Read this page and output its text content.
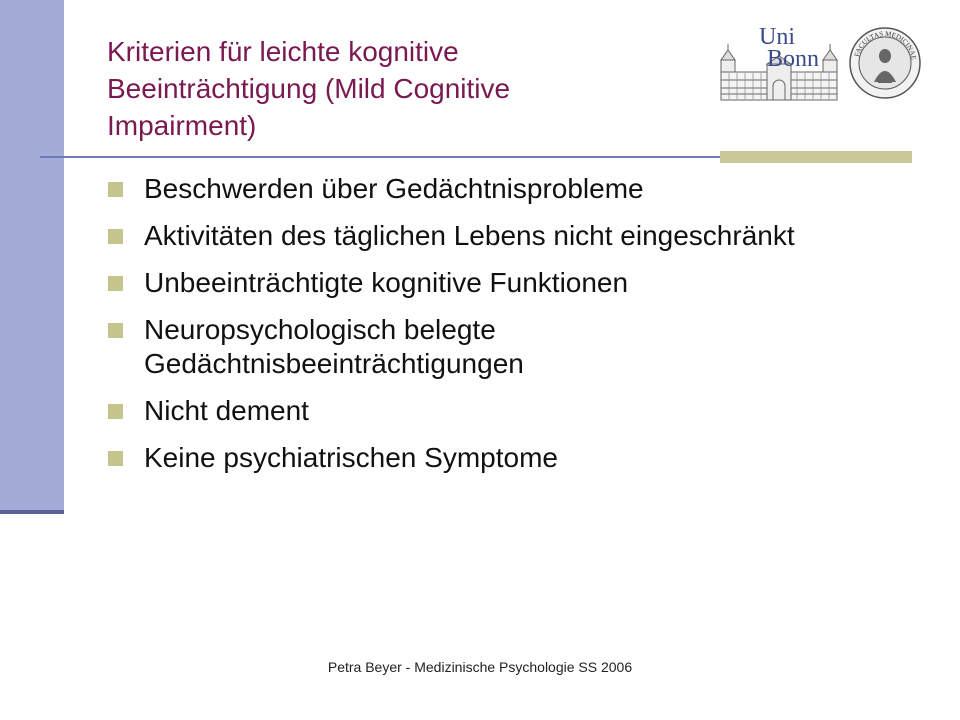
Kriterien für leichte kognitive
Beeinträchtigung (Mild Cognitive
Impairment)
Uni
Bonn	FACULTAS MEDICINAE
Beschwerden über Gedächtnisprobleme
Aktivitäten des täglichen Lebens nicht eingeschränkt
Unbeeinträchtigte kognitive Funktionen
Neuropsychologisch belegte
Gedächtnisbeeinträchtigungen
Nicht dement
Keine psychiatrischen Symptome
Petra Beyer - Medizinische Psychologie SS 2006
